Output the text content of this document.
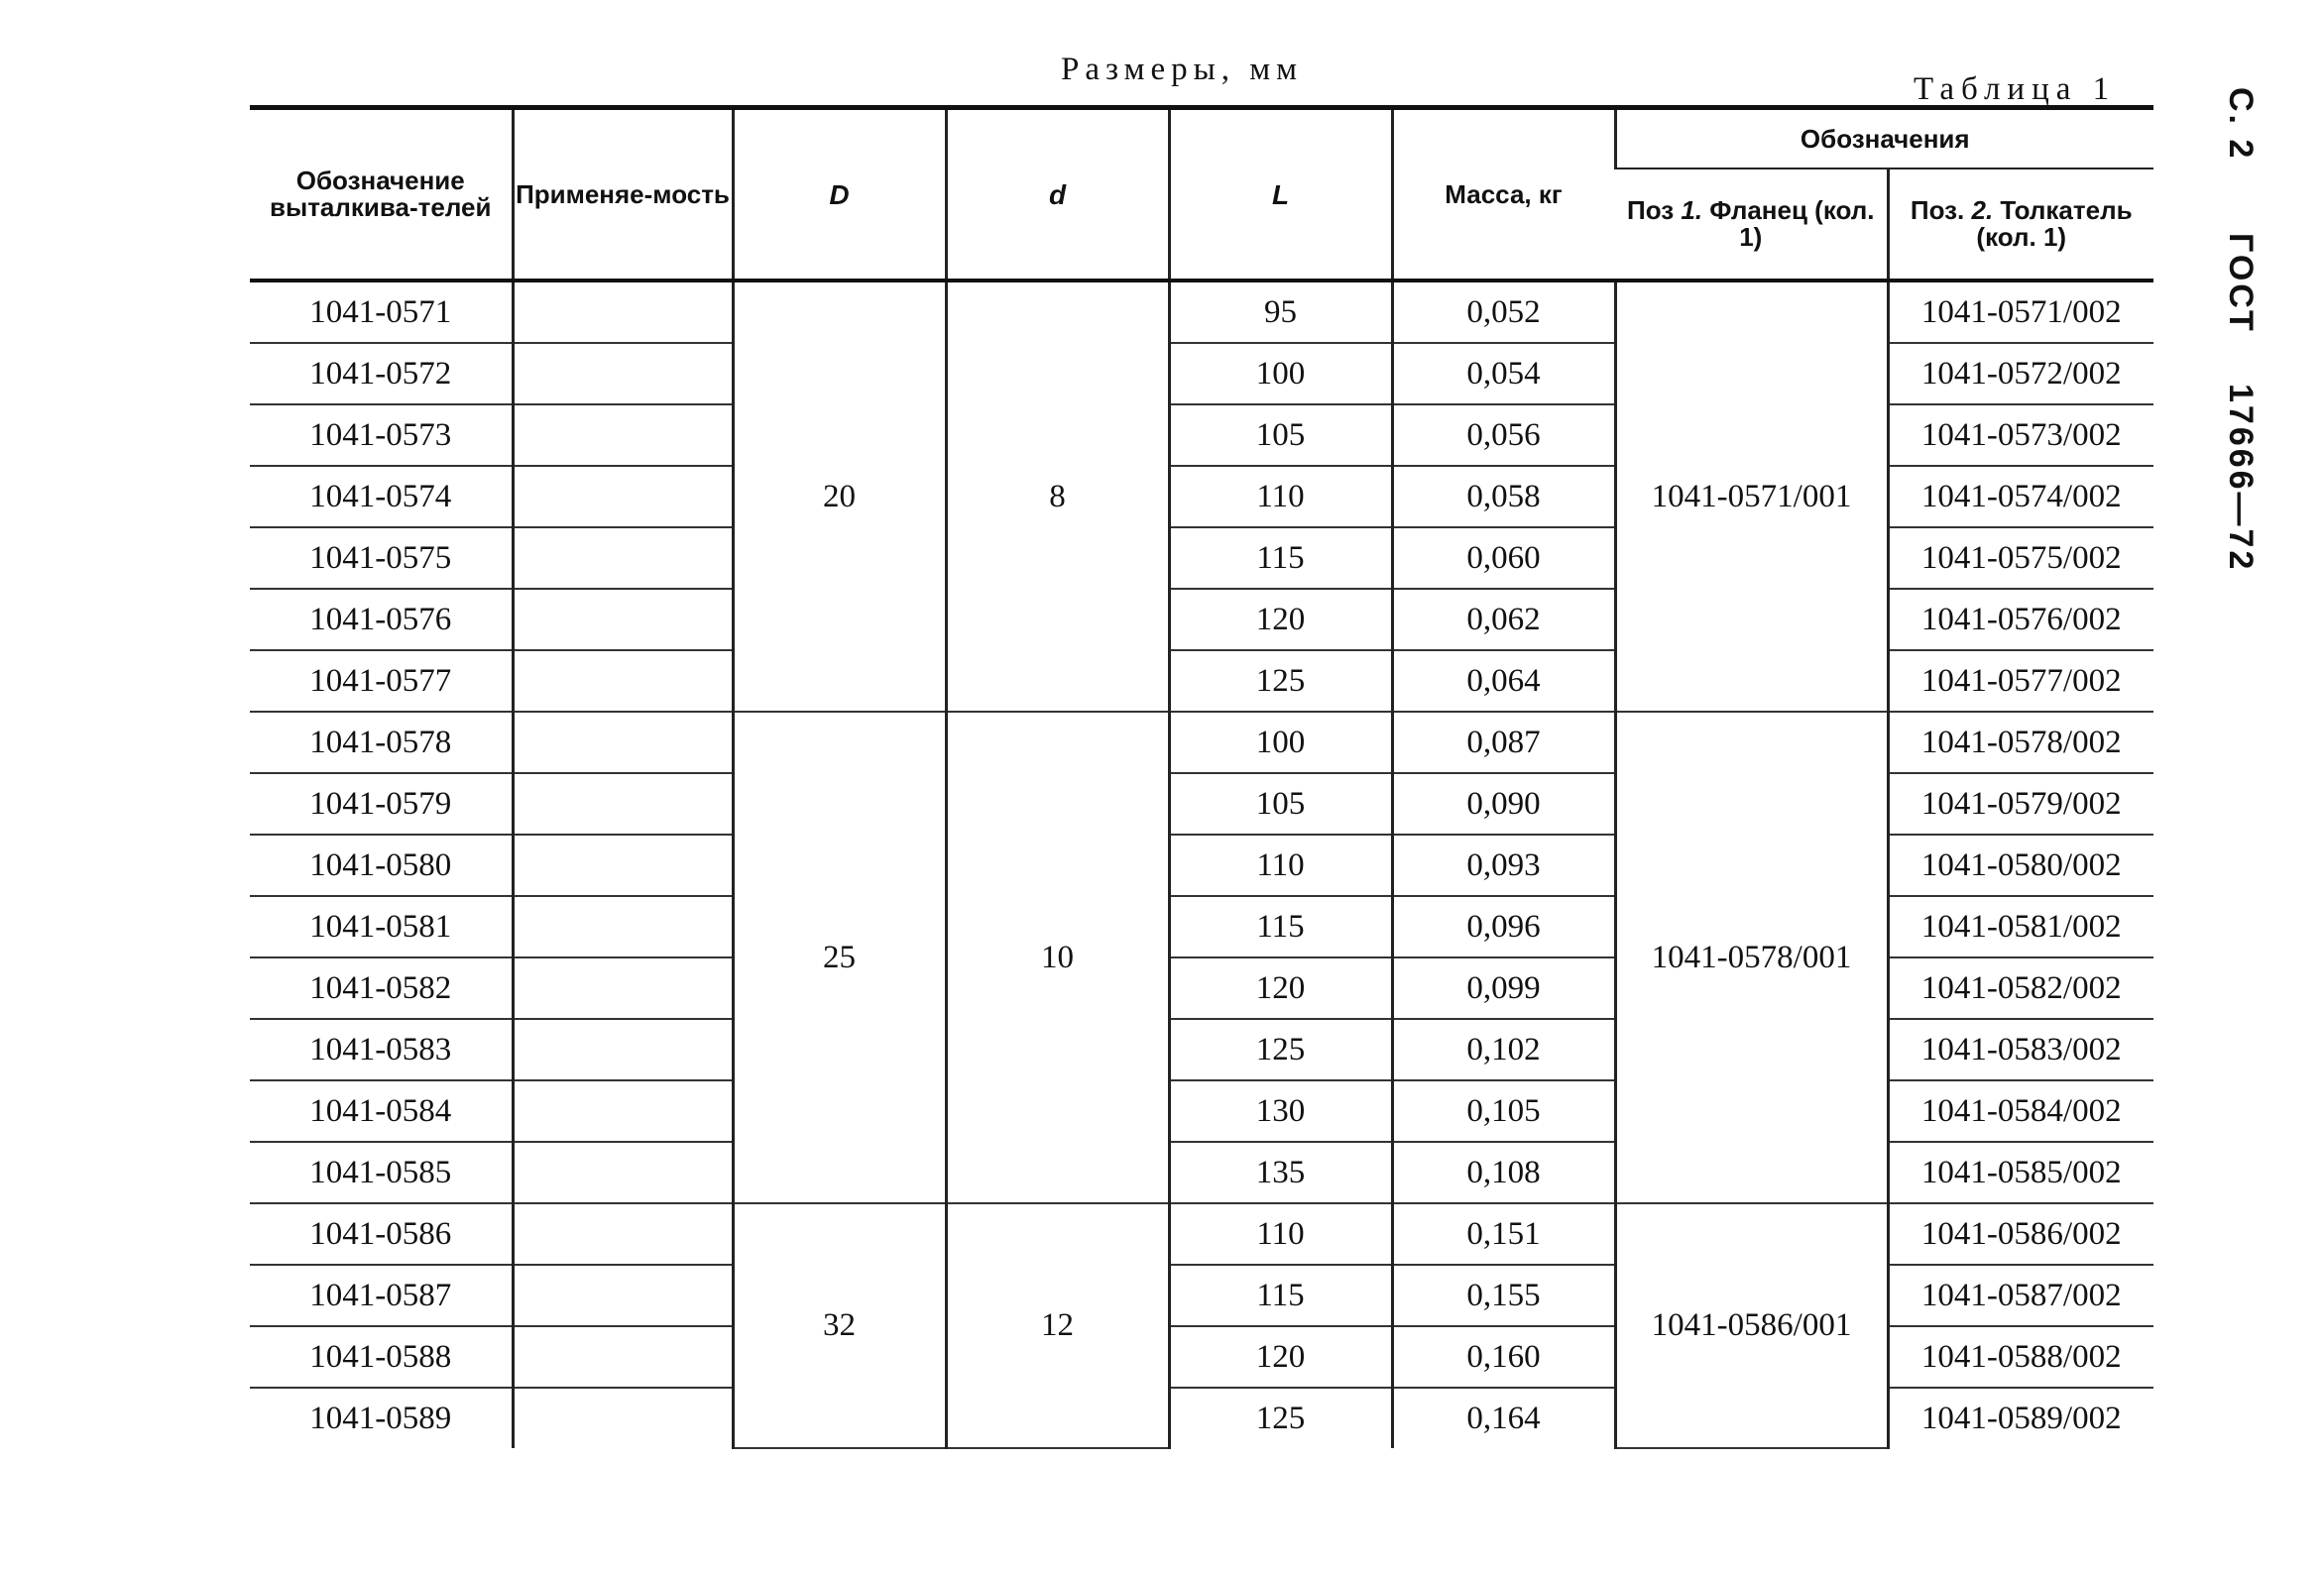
Размеры, мм
Таблица 1	С. 2 ГОСТ 17666—72
Обозначение выталкива-телей	Применяе-мость	D	d	L	Масса, кг	Обозначения	
						Поз 1. Фланец (кол. 1)	Поз. 2. Толкатель (кол. 1)
1041-0571		20	8	95	0,052	1041-0571/001	1041-0571/002
1041-0572				100	0,054		1041-0572/002
1041-0573				105	0,056		1041-0573/002
1041-0574				110	0,058		1041-0574/002
1041-0575				115	0,060		1041-0575/002
1041-0576				120	0,062		1041-0576/002
1041-0577				125	0,064		1041-0577/002
1041-0578		25	10	100	0,087	1041-0578/001	1041-0578/002
1041-0579				105	0,090		1041-0579/002
1041-0580				110	0,093		1041-0580/002
1041-0581				115	0,096		1041-0581/002
1041-0582				120	0,099		1041-0582/002
1041-0583				125	0,102		1041-0583/002
1041-0584				130	0,105		1041-0584/002
1041-0585				135	0,108		1041-0585/002
1041-0586		32	12	110	0,151	1041-0586/001	1041-0586/002
1041-0587				115	0,155		1041-0587/002
1041-0588				120	0,160		1041-0588/002
1041-0589				125	0,164		1041-0589/002
